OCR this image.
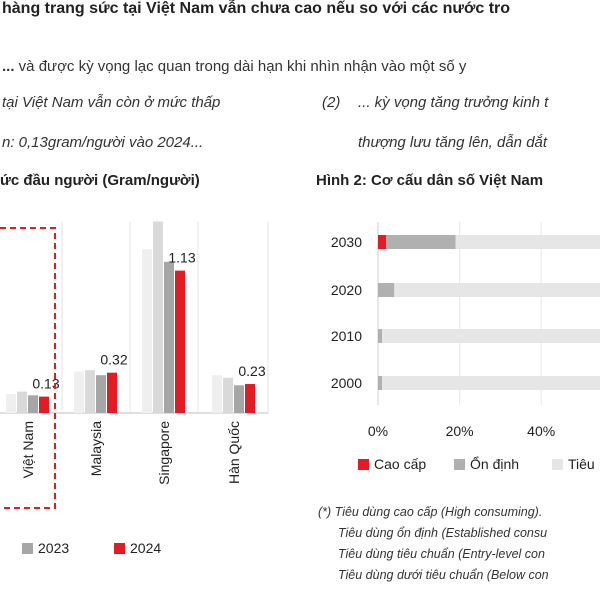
hàng trang sức tại Việt Nam vẫn chưa cao nếu so với các nước tro
... và được kỳ vọng lạc quan trong dài hạn khi nhìn nhận vào một số y
tại Việt Nam vẫn còn ở mức thấp
n: 0,13gram/người vào 2024...
(2) ... kỳ vọng tăng trưởng kinh t
thượng lưu tăng lên, dẫn dắt
ức đầu người (Gram/người)	Hình 2: Cơ cấu dân số Việt Nam
0.13
Việt Nam
0.32
Malaysia
1.13
Singapore
0.23
Hàn Quốc
2030
2020
2010
2000
0%	20%	40%
2023	2024
Cao cấp	Ổn định	Tiêu
(*) Tiêu dùng cao cấp (High consuming).
Tiêu dùng ổn định (Established consu
Tiêu dùng tiêu chuẩn (Entry-level con
Tiêu dùng dưới tiêu chuẩn (Below con
